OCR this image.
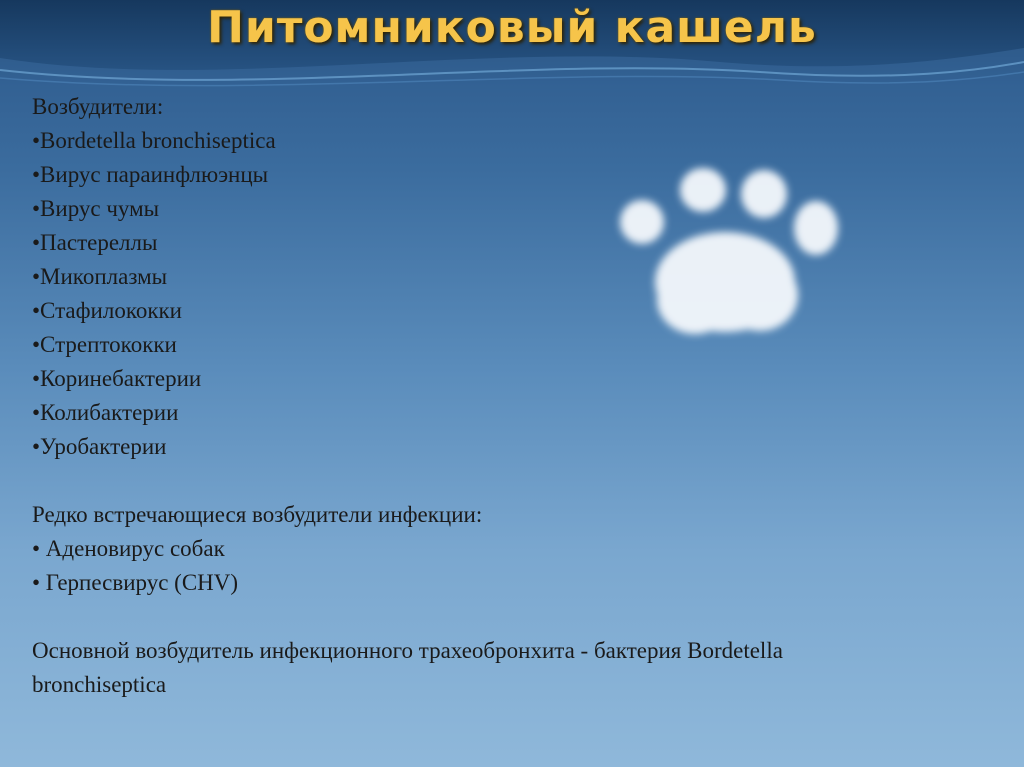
Питомниковый кашель

Возбудители:

•Bordetella bronchiseptica

•Вирус параинфлюэнцы

•Вирус чумы

•Пастереллы

•Микоплазмы

•Стафилококки

•Стрептококки

•Коринебактерии

•Колибактерии

•Уробактерии

Редко встречающиеся возбудители инфекции:

• Аденовирус собак

• Герпесвирус (CHV)

Основной возбудитель инфекционного трахеобронхита - бактерия Bordetella

bronchiseptica
